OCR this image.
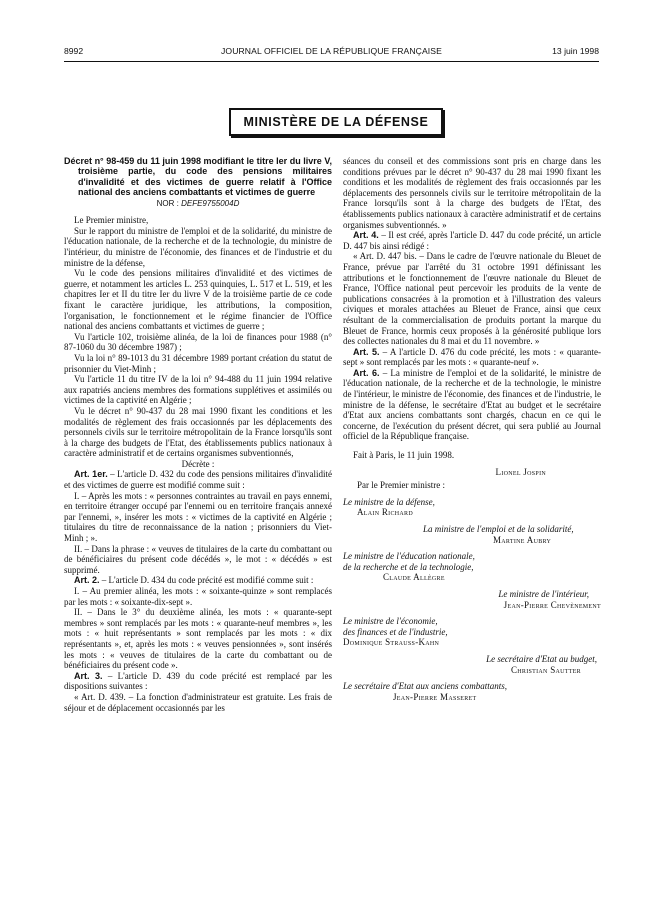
8992	JOURNAL OFFICIEL DE LA RÉPUBLIQUE FRANÇAISE	13 juin 1998
MINISTÈRE DE LA DÉFENSE
Décret n° 98-459 du 11 juin 1998 modifiant le titre Ier du livre V, troisième partie, du code des pensions militaires d'invalidité et des victimes de guerre relatif à l'Office national des anciens combattants et victimes de guerre
NOR : DEFE9755004D

Le Premier ministre,

Sur le rapport du ministre de l'emploi et de la solidarité, du ministre de l'éducation nationale, de la recherche et de la technologie, du ministre de l'intérieur, du ministre de l'économie, des finances et de l'industrie et du ministre de la défense,

Vu le code des pensions militaires d'invalidité et des victimes de guerre, et notamment les articles L. 253 quinquies, L. 517 et L. 519, et les chapitres Ier et II du titre Ier du livre V de la troisième partie de ce code fixant le caractère juridique, les attributions, la composition, l'organisation, le fonctionnement et le régime financier de l'Office national des anciens combattants et victimes de guerre ;

Vu l'article 102, troisième alinéa, de la loi de finances pour 1988 (n° 87-1060 du 30 décembre 1987) ;

Vu la loi n° 89-1013 du 31 décembre 1989 portant création du statut de prisonnier du Viet-Minh ;

Vu l'article 11 du titre IV de la loi n° 94-488 du 11 juin 1994 relative aux rapatriés anciens membres des formations supplétives et assimilés ou victimes de la captivité en Algérie ;

Vu le décret n° 90-437 du 28 mai 1990 fixant les conditions et les modalités de règlement des frais occasionnés par les déplacements des personnels civils sur le territoire métropolitain de la France lorsqu'ils sont à la charge des budgets de l'Etat, des établissements publics nationaux à caractère administratif et de certains organismes subventionnés,

Décrète :

Art. 1er. – L'article D. 432 du code des pensions militaires d'invalidité et des victimes de guerre est modifié comme suit :

I. – Après les mots : « personnes contraintes au travail en pays ennemi, en territoire étranger occupé par l'ennemi ou en territoire français annexé par l'ennemi, », insérer les mots : « victimes de la captivité en Algérie ; titulaires du titre de reconnaissance de la nation ; prisonniers du Viet-Minh ; ».

II. – Dans la phrase : « veuves de titulaires de la carte du combattant ou de bénéficiaires du présent code décédés », le mot : « décédés » est supprimé.

Art. 2. – L'article D. 434 du code précité est modifié comme suit :

I. – Au premier alinéa, les mots : « soixante-quinze » sont remplacés par les mots : « soixante-dix-sept ».

II. – Dans le 3° du deuxième alinéa, les mots : « quarante-sept membres » sont remplacés par les mots : « quarante-neuf membres », les mots : « huit représentants » sont remplacés par les mots : « dix représentants », et, après les mots : « veuves pensionnées », sont insérés les mots : « veuves de titulaires de la carte du combattant ou de bénéficiaires du présent code ».

Art. 3. – L'article D. 439 du code précité est remplacé par les dispositions suivantes :

« Art. D. 439. – La fonction d'administrateur est gratuite. Les frais de séjour et de déplacement occasionnés par les

séances du conseil et des commissions sont pris en charge dans les conditions prévues par le décret n° 90-437 du 28 mai 1990 fixant les conditions et les modalités de règlement des frais occasionnés par les déplacements des personnels civils sur le territoire métropolitain de la France lorsqu'ils sont à la charge des budgets de l'Etat, des établissements publics nationaux à caractère administratif et de certains organismes subventionnés. »

Art. 4. – Il est créé, après l'article D. 447 du code précité, un article D. 447 bis ainsi rédigé :

« Art. D. 447 bis. – Dans le cadre de l'œuvre nationale du Bleuet de France, prévue par l'arrêté du 31 octobre 1991 définissant les attributions et le fonctionnement de l'œuvre nationale du Bleuet de France, l'Office national peut percevoir les produits de la vente de publications consacrées à la promotion et à l'illustration des valeurs civiques et morales attachées au Bleuet de France, ainsi que ceux résultant de la commercialisation de produits portant la marque du Bleuet de France, hormis ceux proposés à la générosité publique lors des collectes nationales du 8 mai et du 11 novembre. »

Art. 5. – A l'article D. 476 du code précité, les mots : « quarante-sept » sont remplacés par les mots : « quarante-neuf ».

Art. 6. – La ministre de l'emploi et de la solidarité, le ministre de l'éducation nationale, de la recherche et de la technologie, le ministre de l'intérieur, le ministre de l'économie, des finances et de l'industrie, le ministre de la défense, le secrétaire d'Etat au budget et le secrétaire d'Etat aux anciens combattants sont chargés, chacun en ce qui le concerne, de l'exécution du présent décret, qui sera publié au Journal officiel de la République française.

Fait à Paris, le 11 juin 1998.

Lionel Jospin
Par le Premier ministre :
Le ministre de la défense,
Alain Richard
La ministre de l'emploi et de la solidarité,
Martine Aubry
Le ministre de l'éducation nationale,
de la recherche et de la technologie,
Claude Allègre
Le ministre de l'intérieur,
Jean-Pierre Chevènement
Le ministre de l'économie,
des finances et de l'industrie,
Dominique Strauss-Kahn
Le secrétaire d'Etat au budget,
Christian Sautter
Le secrétaire d'Etat aux anciens combattants,
Jean-Pierre Masseret
